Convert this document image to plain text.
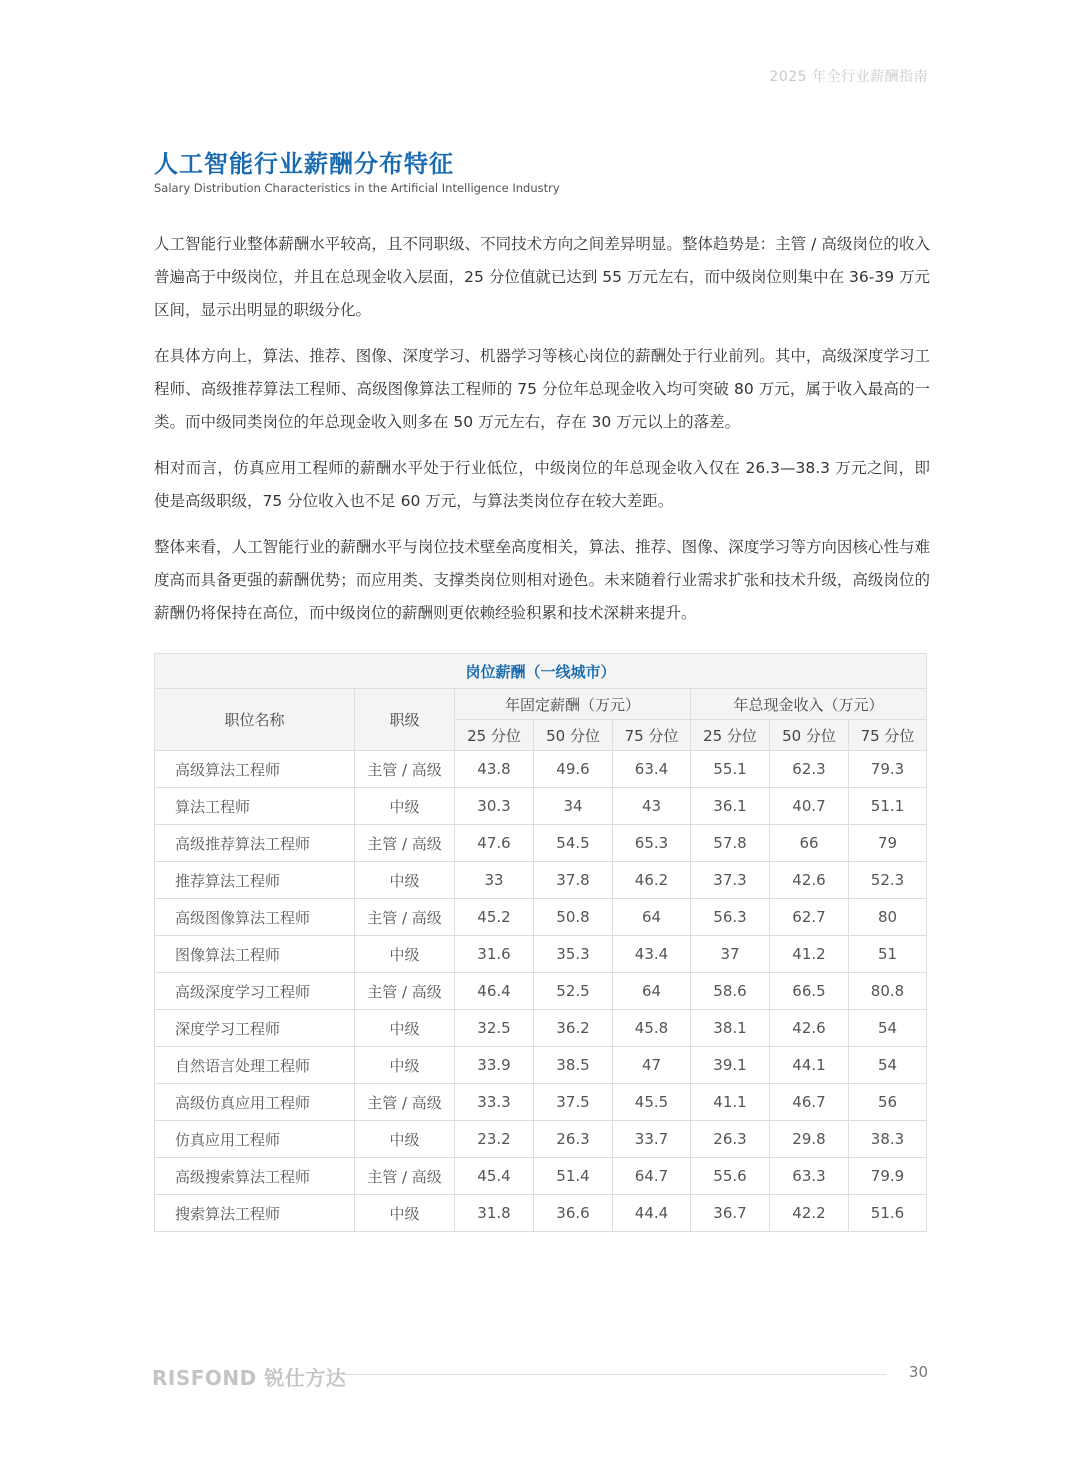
2025 年全行业薪酬指南
人工智能行业薪酬分布特征
Salary Distribution Characteristics in the Artificial Intelligence Industry

人工智能行业整体薪酬水平较高，且不同职级、不同技术方向之间差异明显。整体趋势是：主管 / 高级岗位的收入普遍高于中级岗位，并且在总现金收入层面，25 分位值就已达到 55 万元左右，而中级岗位则集中在 36-39 万元区间，显示出明显的职级分化。

在具体方向上，算法、推荐、图像、深度学习、机器学习等核心岗位的薪酬处于行业前列。其中，高级深度学习工程师、高级推荐算法工程师、高级图像算法工程师的 75 分位年总现金收入均可突破 80 万元，属于收入最高的一类。而中级同类岗位的年总现金收入则多在 50 万元左右，存在 30 万元以上的落差。

相对而言，仿真应用工程师的薪酬水平处于行业低位，中级岗位的年总现金收入仅在 26.3—38.3 万元之间，即使是高级职级，75 分位收入也不足 60 万元，与算法类岗位存在较大差距。

整体来看，人工智能行业的薪酬水平与岗位技术壁垒高度相关，算法、推荐、图像、深度学习等方向因核心性与难度高而具备更强的薪酬优势；而应用类、支撑类岗位则相对逊色。未来随着行业需求扩张和技术升级，高级岗位的薪酬仍将保持在高位，而中级岗位的薪酬则更依赖经验积累和技术深耕来提升。

岗位薪酬（一线城市）							
职位名称	职级	年固定薪酬（万元）			年总现金收入（万元）		
		25 分位	50 分位	75 分位	25 分位	50 分位	75 分位
高级算法工程师	主管 / 高级	43.8	49.6	63.4	55.1	62.3	79.3
算法工程师	中级	30.3	34	43	36.1	40.7	51.1
高级推荐算法工程师	主管 / 高级	47.6	54.5	65.3	57.8	66	79
推荐算法工程师	中级	33	37.8	46.2	37.3	42.6	52.3
高级图像算法工程师	主管 / 高级	45.2	50.8	64	56.3	62.7	80
图像算法工程师	中级	31.6	35.3	43.4	37	41.2	51
高级深度学习工程师	主管 / 高级	46.4	52.5	64	58.6	66.5	80.8
深度学习工程师	中级	32.5	36.2	45.8	38.1	42.6	54
自然语言处理工程师	中级	33.9	38.5	47	39.1	44.1	54
高级仿真应用工程师	主管 / 高级	33.3	37.5	45.5	41.1	46.7	56
仿真应用工程师	中级	23.2	26.3	33.7	26.3	29.8	38.3
高级搜索算法工程师	主管 / 高级	45.4	51.4	64.7	55.6	63.3	79.9
搜索算法工程师	中级	31.8	36.6	44.4	36.7	42.2	51.6
RISFOND 锐仕方达	30
